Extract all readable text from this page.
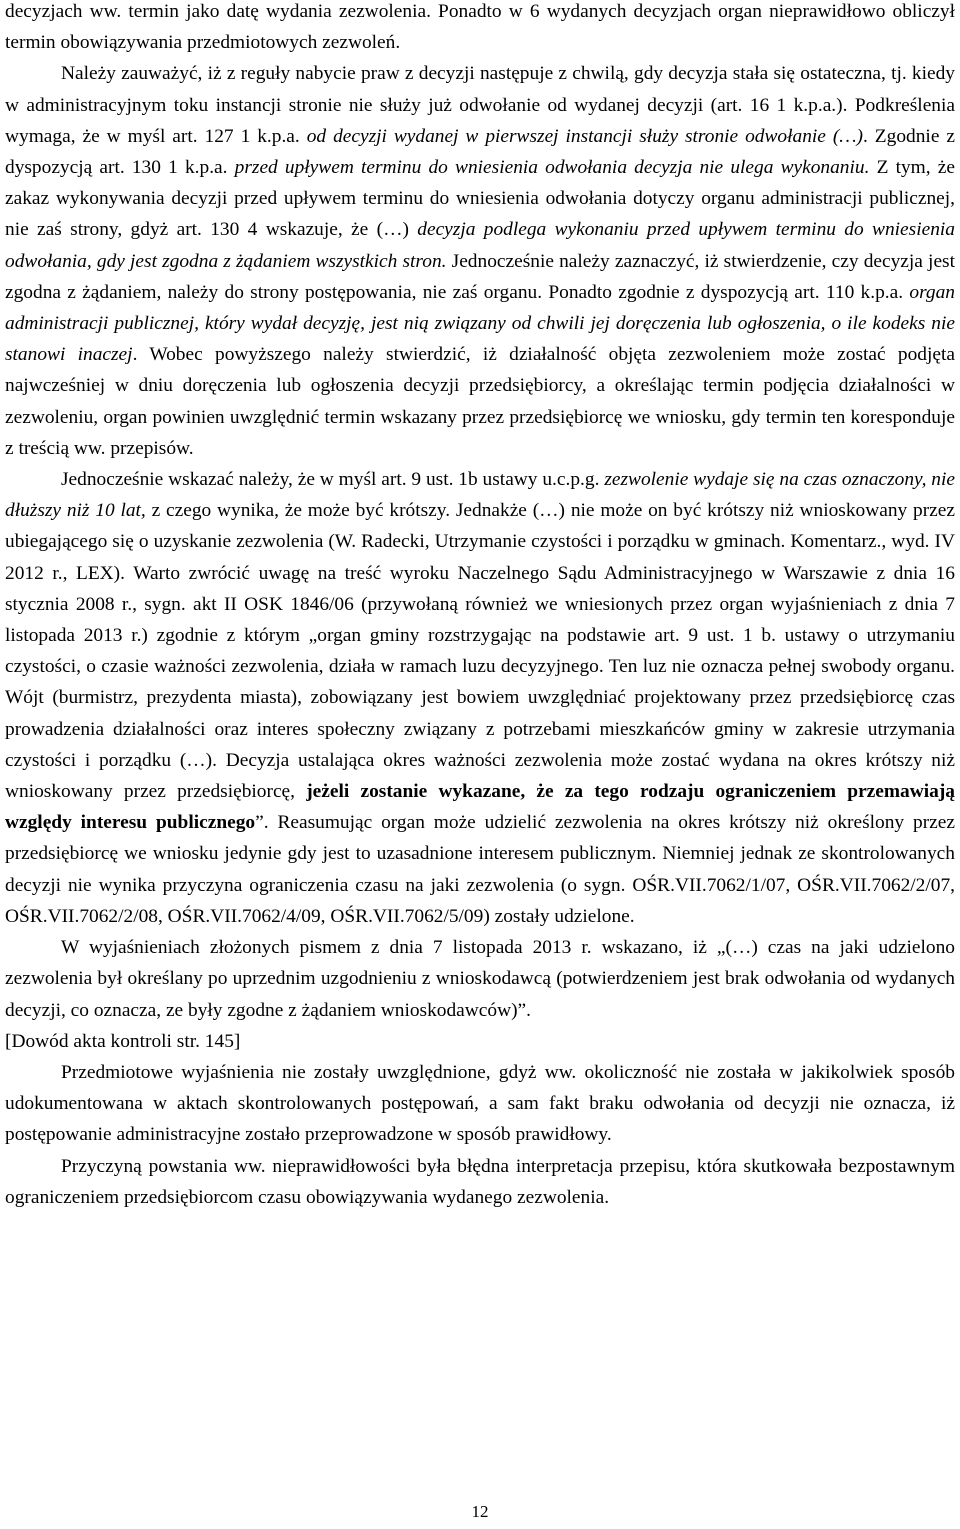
decyzjach ww. termin jako datę wydania zezwolenia. Ponadto w 6 wydanych decyzjach organ nieprawidłowo obliczył termin obowiązywania przedmiotowych zezwoleń.

Należy zauważyć, iż z reguły nabycie praw z decyzji następuje z chwilą, gdy decyzja stała się ostateczna, tj. kiedy w administracyjnym toku instancji stronie nie służy już odwołanie od wydanej decyzji (art. 16 1 k.p.a.). Podkreślenia wymaga, że w myśl art. 127 1 k.p.a. od decyzji wydanej w pierwszej instancji służy stronie odwołanie (…). Zgodnie z dyspozycją art. 130 1 k.p.a. przed upływem terminu do wniesienia odwołania decyzja nie ulega wykonaniu. Z tym, że zakaz wykonywania decyzji przed upływem terminu do wniesienia odwołania dotyczy organu administracji publicznej, nie zaś strony, gdyż art. 130 4 wskazuje, że (…) decyzja podlega wykonaniu przed upływem terminu do wniesienia odwołania, gdy jest zgodna z żądaniem wszystkich stron. Jednocześnie należy zaznaczyć, iż stwierdzenie, czy decyzja jest zgodna z żądaniem, należy do strony postępowania, nie zaś organu. Ponadto zgodnie z dyspozycją art. 110 k.p.a. organ administracji publicznej, który wydał decyzję, jest nią związany od chwili jej doręczenia lub ogłoszenia, o ile kodeks nie stanowi inaczej. Wobec powyższego należy stwierdzić, iż działalność objęta zezwoleniem może zostać podjęta najwcześniej w dniu doręczenia lub ogłoszenia decyzji przedsiębiorcy, a określając termin podjęcia działalności w zezwoleniu, organ powinien uwzględnić termin wskazany przez przedsiębiorcę we wniosku, gdy termin ten koresponduje z treścią ww. przepisów.

Jednocześnie wskazać należy, że w myśl art. 9 ust. 1b ustawy u.c.p.g. zezwolenie wydaje się na czas oznaczony, nie dłuższy niż 10 lat, z czego wynika, że może być krótszy. Jednakże (…) nie może on być krótszy niż wnioskowany przez ubiegającego się o uzyskanie zezwolenia (W. Radecki, Utrzymanie czystości i porządku w gminach. Komentarz., wyd. IV 2012 r., LEX). Warto zwrócić uwagę na treść wyroku Naczelnego Sądu Administracyjnego w Warszawie z dnia 16 stycznia 2008 r., sygn. akt II OSK 1846/06 (przywołaną również we wniesionych przez organ wyjaśnieniach z dnia 7 listopada 2013 r.) zgodnie z którym „organ gminy rozstrzygając na podstawie art. 9 ust. 1 b. ustawy o utrzymaniu czystości, o czasie ważności zezwolenia, działa w ramach luzu decyzyjnego. Ten luz nie oznacza pełnej swobody organu. Wójt (burmistrz, prezydenta miasta), zobowiązany jest bowiem uwzględniać projektowany przez przedsiębiorcę czas prowadzenia działalności oraz interes społeczny związany z potrzebami mieszkańców gminy w zakresie utrzymania czystości i porządku (…). Decyzja ustalająca okres ważności zezwolenia może zostać wydana na okres krótszy niż wnioskowany przez przedsiębiorcę, jeżeli zostanie wykazane, że za tego rodzaju ograniczeniem przemawiają względy interesu publicznego”. Reasumując organ może udzielić zezwolenia na okres krótszy niż określony przez przedsiębiorcę we wniosku jedynie gdy jest to uzasadnione interesem publicznym. Niemniej jednak ze skontrolowanych decyzji nie wynika przyczyna ograniczenia czasu na jaki zezwolenia (o sygn. OŚR.VII.7062/1/07, OŚR.VII.7062/2/07, OŚR.VII.7062/2/08, OŚR.VII.7062/4/09, OŚR.VII.7062/5/09) zostały udzielone.

W wyjaśnieniach złożonych pismem z dnia 7 listopada 2013 r. wskazano, iż „(…) czas na jaki udzielono zezwolenia był określany po uprzednim uzgodnieniu z wnioskodawcą (potwierdzeniem jest brak odwołania od wydanych decyzji, co oznacza, ze były zgodne z żądaniem wnioskodawców)”.

[Dowód akta kontroli str. 145]

Przedmiotowe wyjaśnienia nie zostały uwzględnione, gdyż ww. okoliczność nie została w jakikolwiek sposób udokumentowana w aktach skontrolowanych postępowań, a sam fakt braku odwołania od decyzji nie oznacza, iż postępowanie administracyjne zostało przeprowadzone w sposób prawidłowy.

Przyczyną powstania ww. nieprawidłowości była błędna interpretacja przepisu, która skutkowała bezpostawnym ograniczeniem przedsiębiorcom czasu obowiązywania wydanego zezwolenia.

12
